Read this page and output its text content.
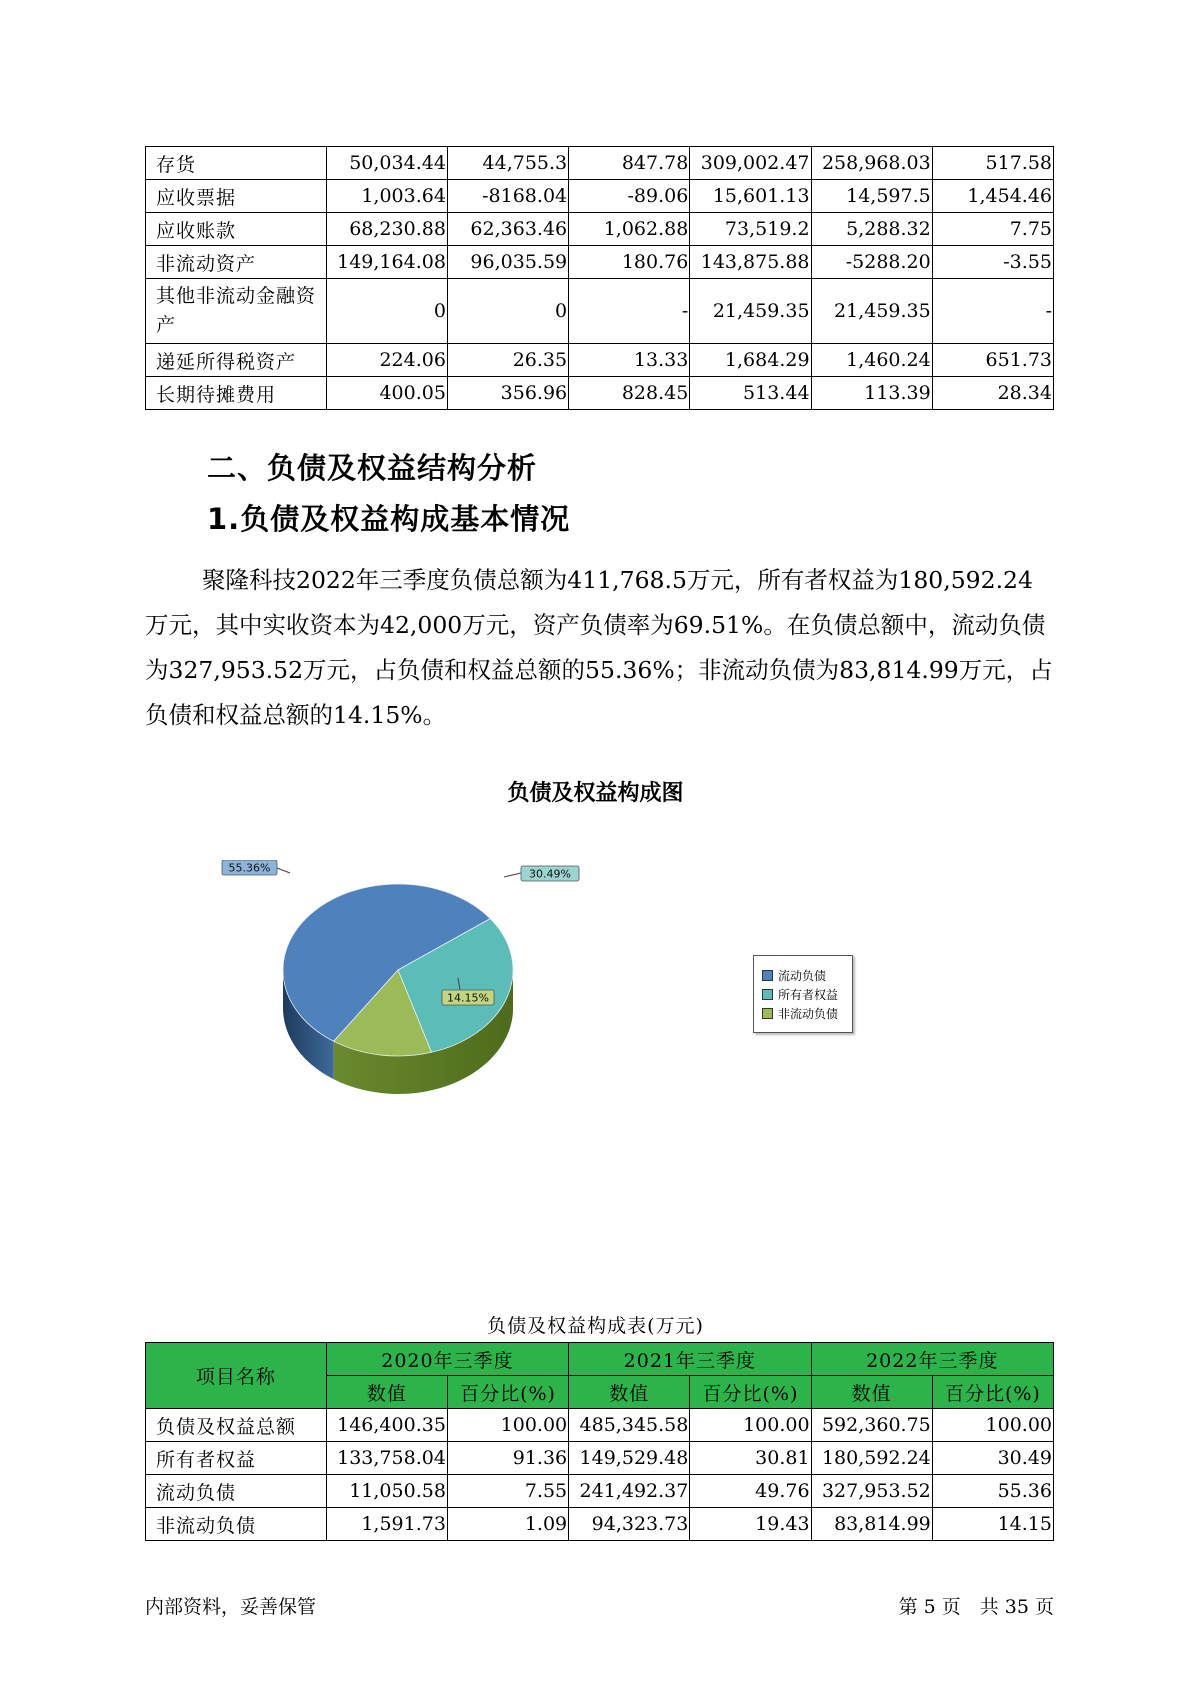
存货	50,034.44	44,755.3	847.78	309,002.47	258,968.03	517.58
应收票据	1,003.64	-8168.04	-89.06	15,601.13	14,597.5	1,454.46
应收账款	68,230.88	62,363.46	1,062.88	73,519.2	5,288.32	7.75
非流动资产	149,164.08	96,035.59	180.76	143,875.88	-5288.20	-3.55
其他非流动金融资产	0	0	-	21,459.35	21,459.35	-
递延所得税资产	224.06	26.35	13.33	1,684.29	1,460.24	651.73
长期待摊费用	400.05	356.96	828.45	513.44	113.39	28.34
二、负债及权益结构分析
1.负债及权益构成基本情况
聚隆科技2022年三季度负债总额为411,768.5万元，所有者权益为180,592.24万元，其中实收资本为42,000万元，资产负债率为69.51%。在负债总额中，流动负债为327,953.52万元，占负债和权益总额的55.36%；非流动负债为83,814.99万元，占负债和权益总额的14.15%。
负债及权益构成图
55.36%	30.49%
14.15%
流动负债
所有者权益
非流动负债
负债及权益构成表(万元)
项目名称	2020年三季度		2021年三季度		2022年三季度	
	数值	百分比(%)	数值	百分比(%)	数值	百分比(%)
负债及权益总额	146,400.35	100.00	485,345.58	100.00	592,360.75	100.00
所有者权益	133,758.04	91.36	149,529.48	30.81	180,592.24	30.49
流动负债	11,050.58	7.55	241,492.37	49.76	327,953.52	55.36
非流动负债	1,591.73	1.09	94,323.73	19.43	83,814.99	14.15
内部资料，妥善保管	第 5 页　共 35 页
